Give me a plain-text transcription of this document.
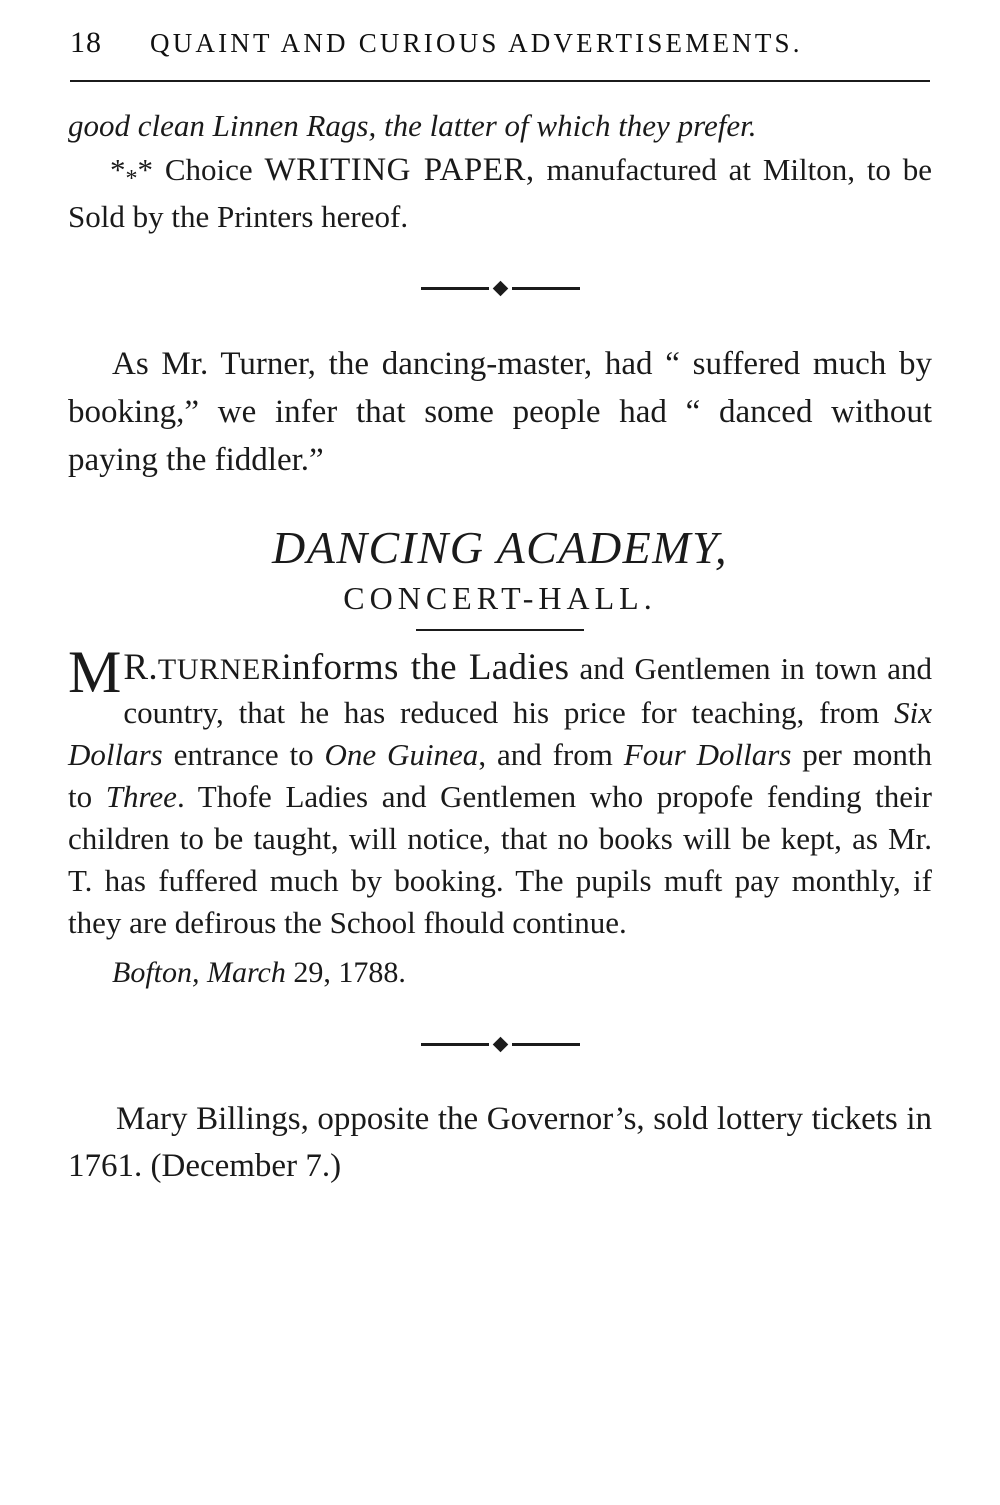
18 QUAINT AND CURIOUS ADVERTISEMENTS.

good clean Linnen Rags, the latter of which they prefer.

$*_**$ Choice WRITING PAPER, manufactured at Milton, to be Sold by the Printers hereof.

As Mr. Turner, the dancing-master, had “ suffered much by booking,” we infer that some people had “ danced without paying the fiddler.”

DANCING ACADEMY,
CONCERT-HALL.

M R.TURNERinforms the Ladies and Gentlemen in town and country, that he has reduced his price for teaching, from Six Dollars entrance to One Guinea, and from Four Dollars per month to Three. Thofe Ladies and Gentlemen who propofe fending their children to be taught, will notice, that no books will be kept, as Mr. T. has fuffered much by booking. The pupils muft pay monthly, if they are defirous the School fhould continue.

Bofton, March 29, 1788.

Mary Billings, opposite the Governor’s, sold lottery tickets in 1761. (December 7.)
